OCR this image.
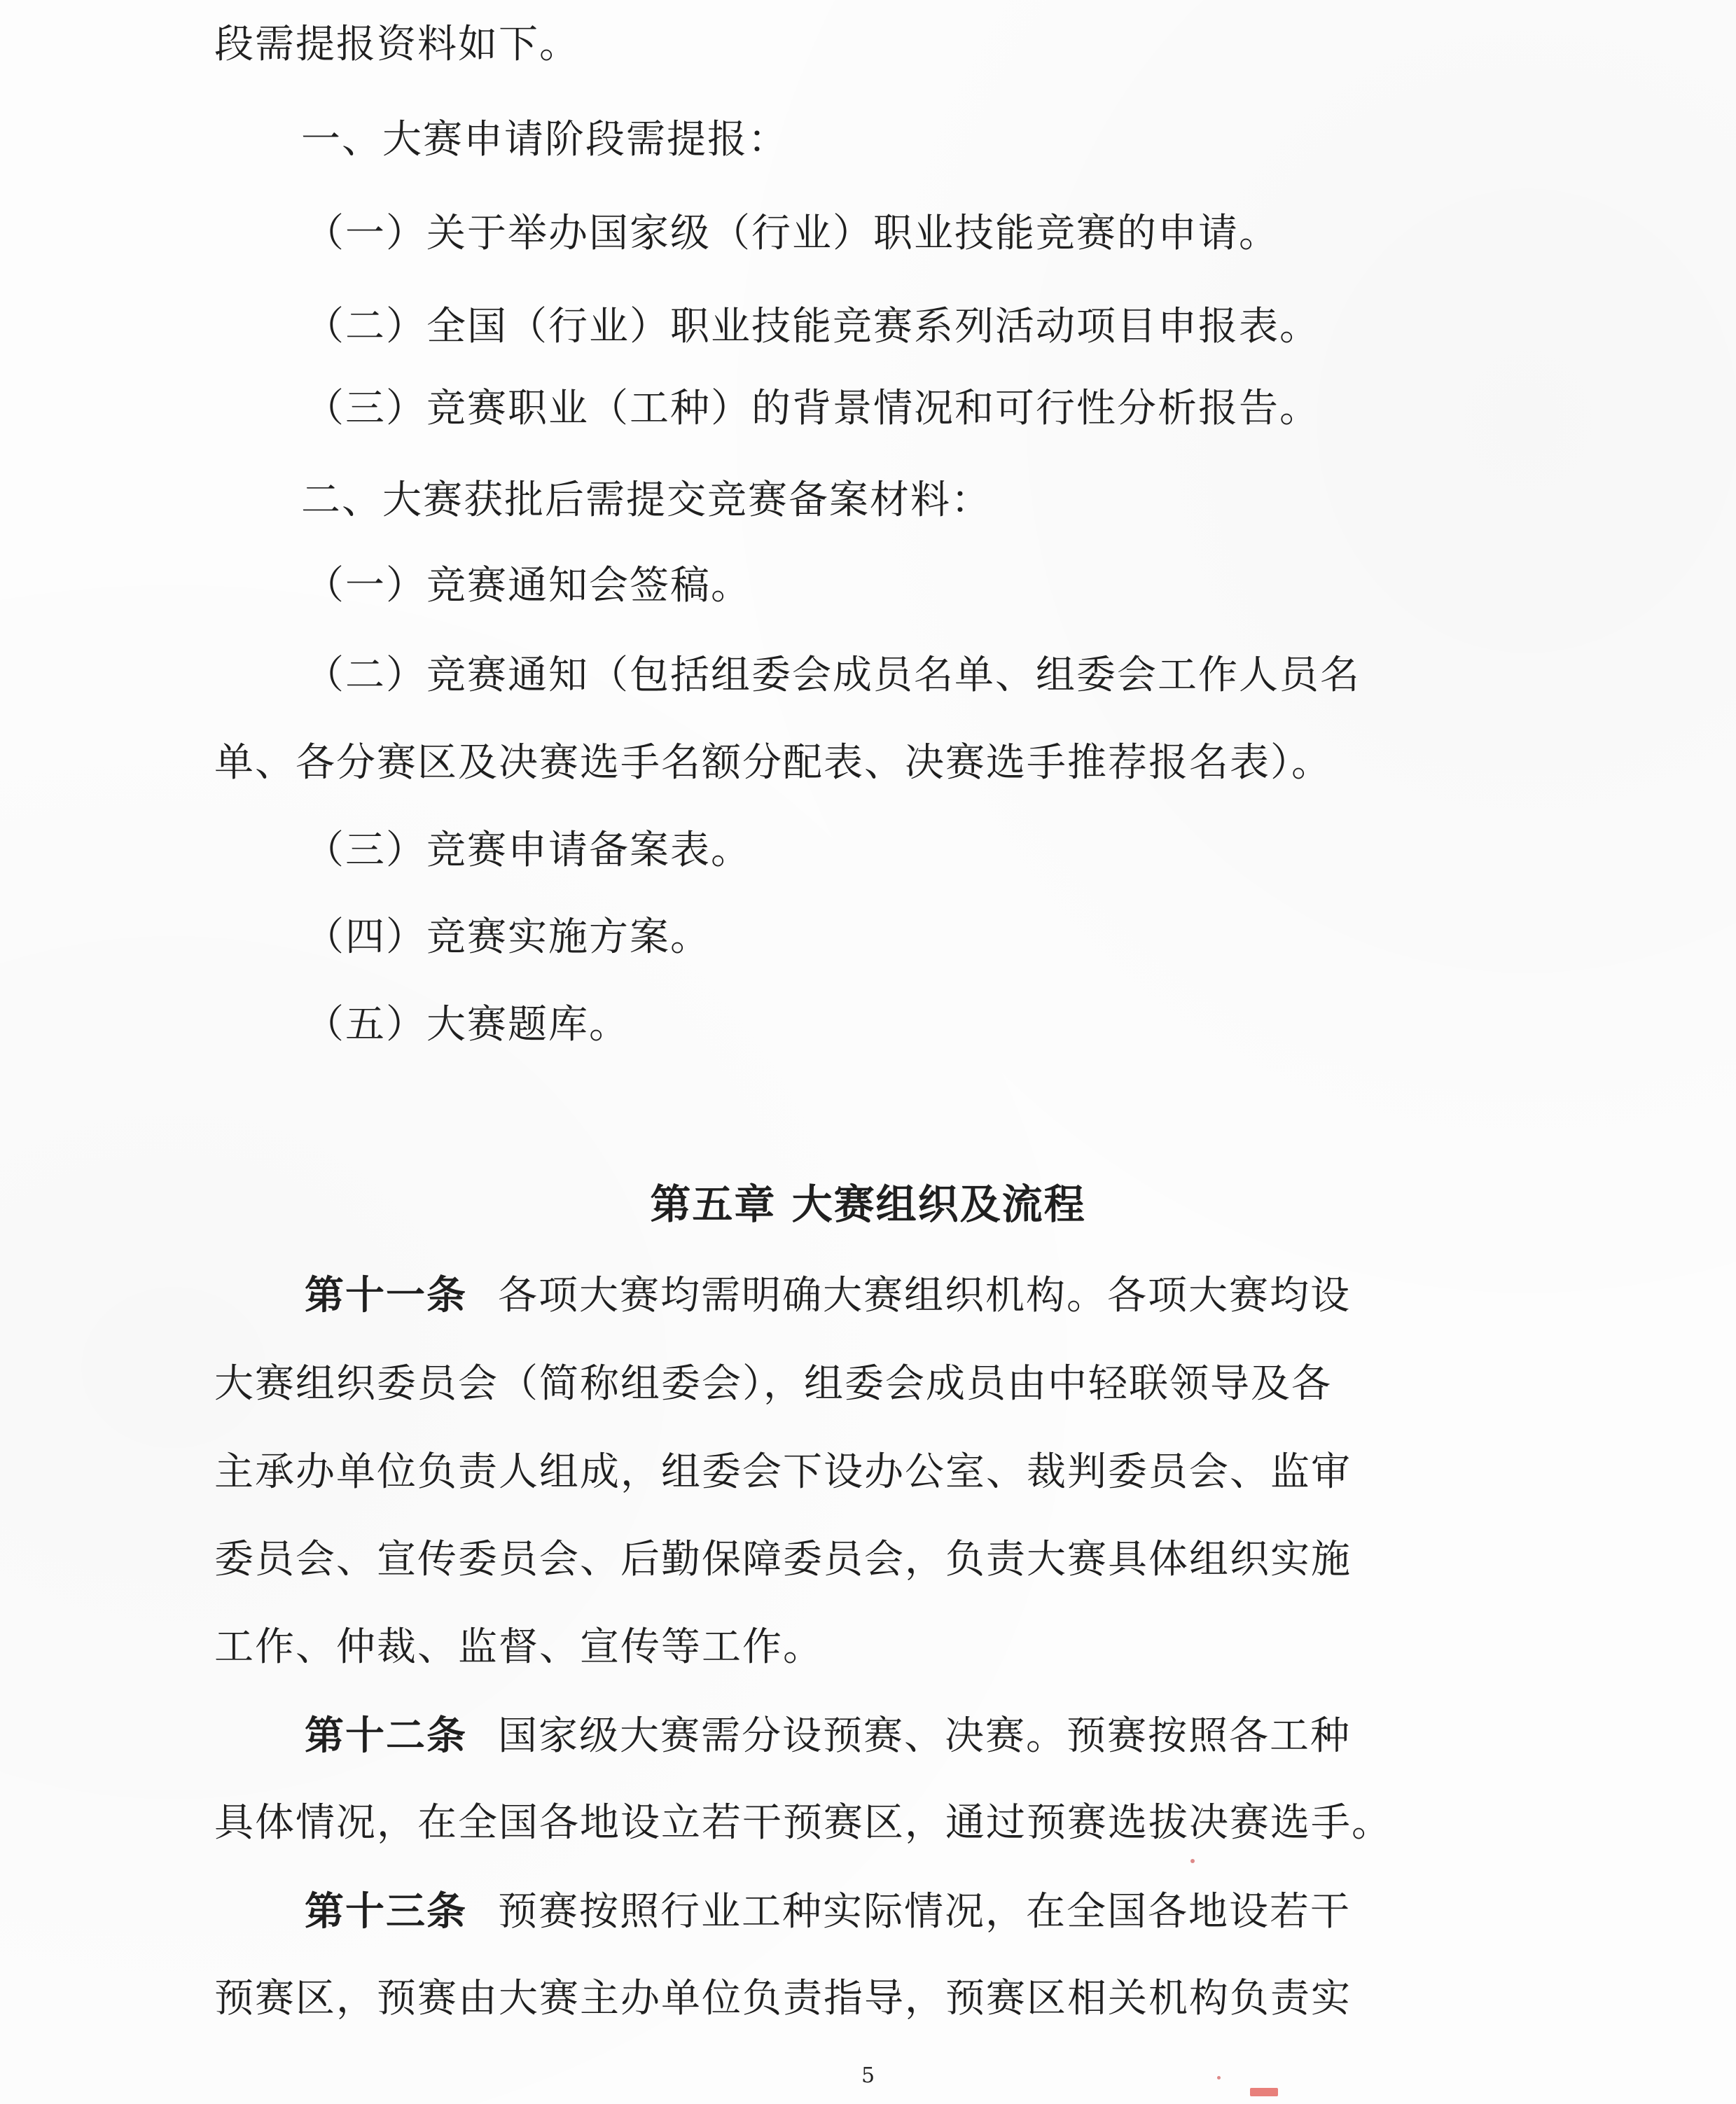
段需提报资料如下。
一、大赛申请阶段需提报：
（一）关于举办国家级（行业）职业技能竞赛的申请。
（二）全国（行业）职业技能竞赛系列活动项目申报表。
（三）竞赛职业（工种）的背景情况和可行性分析报告。
二、大赛获批后需提交竞赛备案材料：
（一）竞赛通知会签稿。
（二）竞赛通知（包括组委会成员名单、组委会工作人员名
单、各分赛区及决赛选手名额分配表、决赛选手推荐报名表）。
（三）竞赛申请备案表。
（四）竞赛实施方案。
（五）大赛题库。
第五章 大赛组织及流程
第十一条 各项大赛均需明确大赛组织机构。各项大赛均设
大赛组织委员会（简称组委会），组委会成员由中轻联领导及各
主承办单位负责人组成，组委会下设办公室、裁判委员会、监审
委员会、宣传委员会、后勤保障委员会，负责大赛具体组织实施
工作、仲裁、监督、宣传等工作。
第十二条 国家级大赛需分设预赛、决赛。预赛按照各工种
具体情况，在全国各地设立若干预赛区，通过预赛选拔决赛选手。
第十三条 预赛按照行业工种实际情况，在全国各地设若干
预赛区，预赛由大赛主办单位负责指导，预赛区相关机构负责实
5
